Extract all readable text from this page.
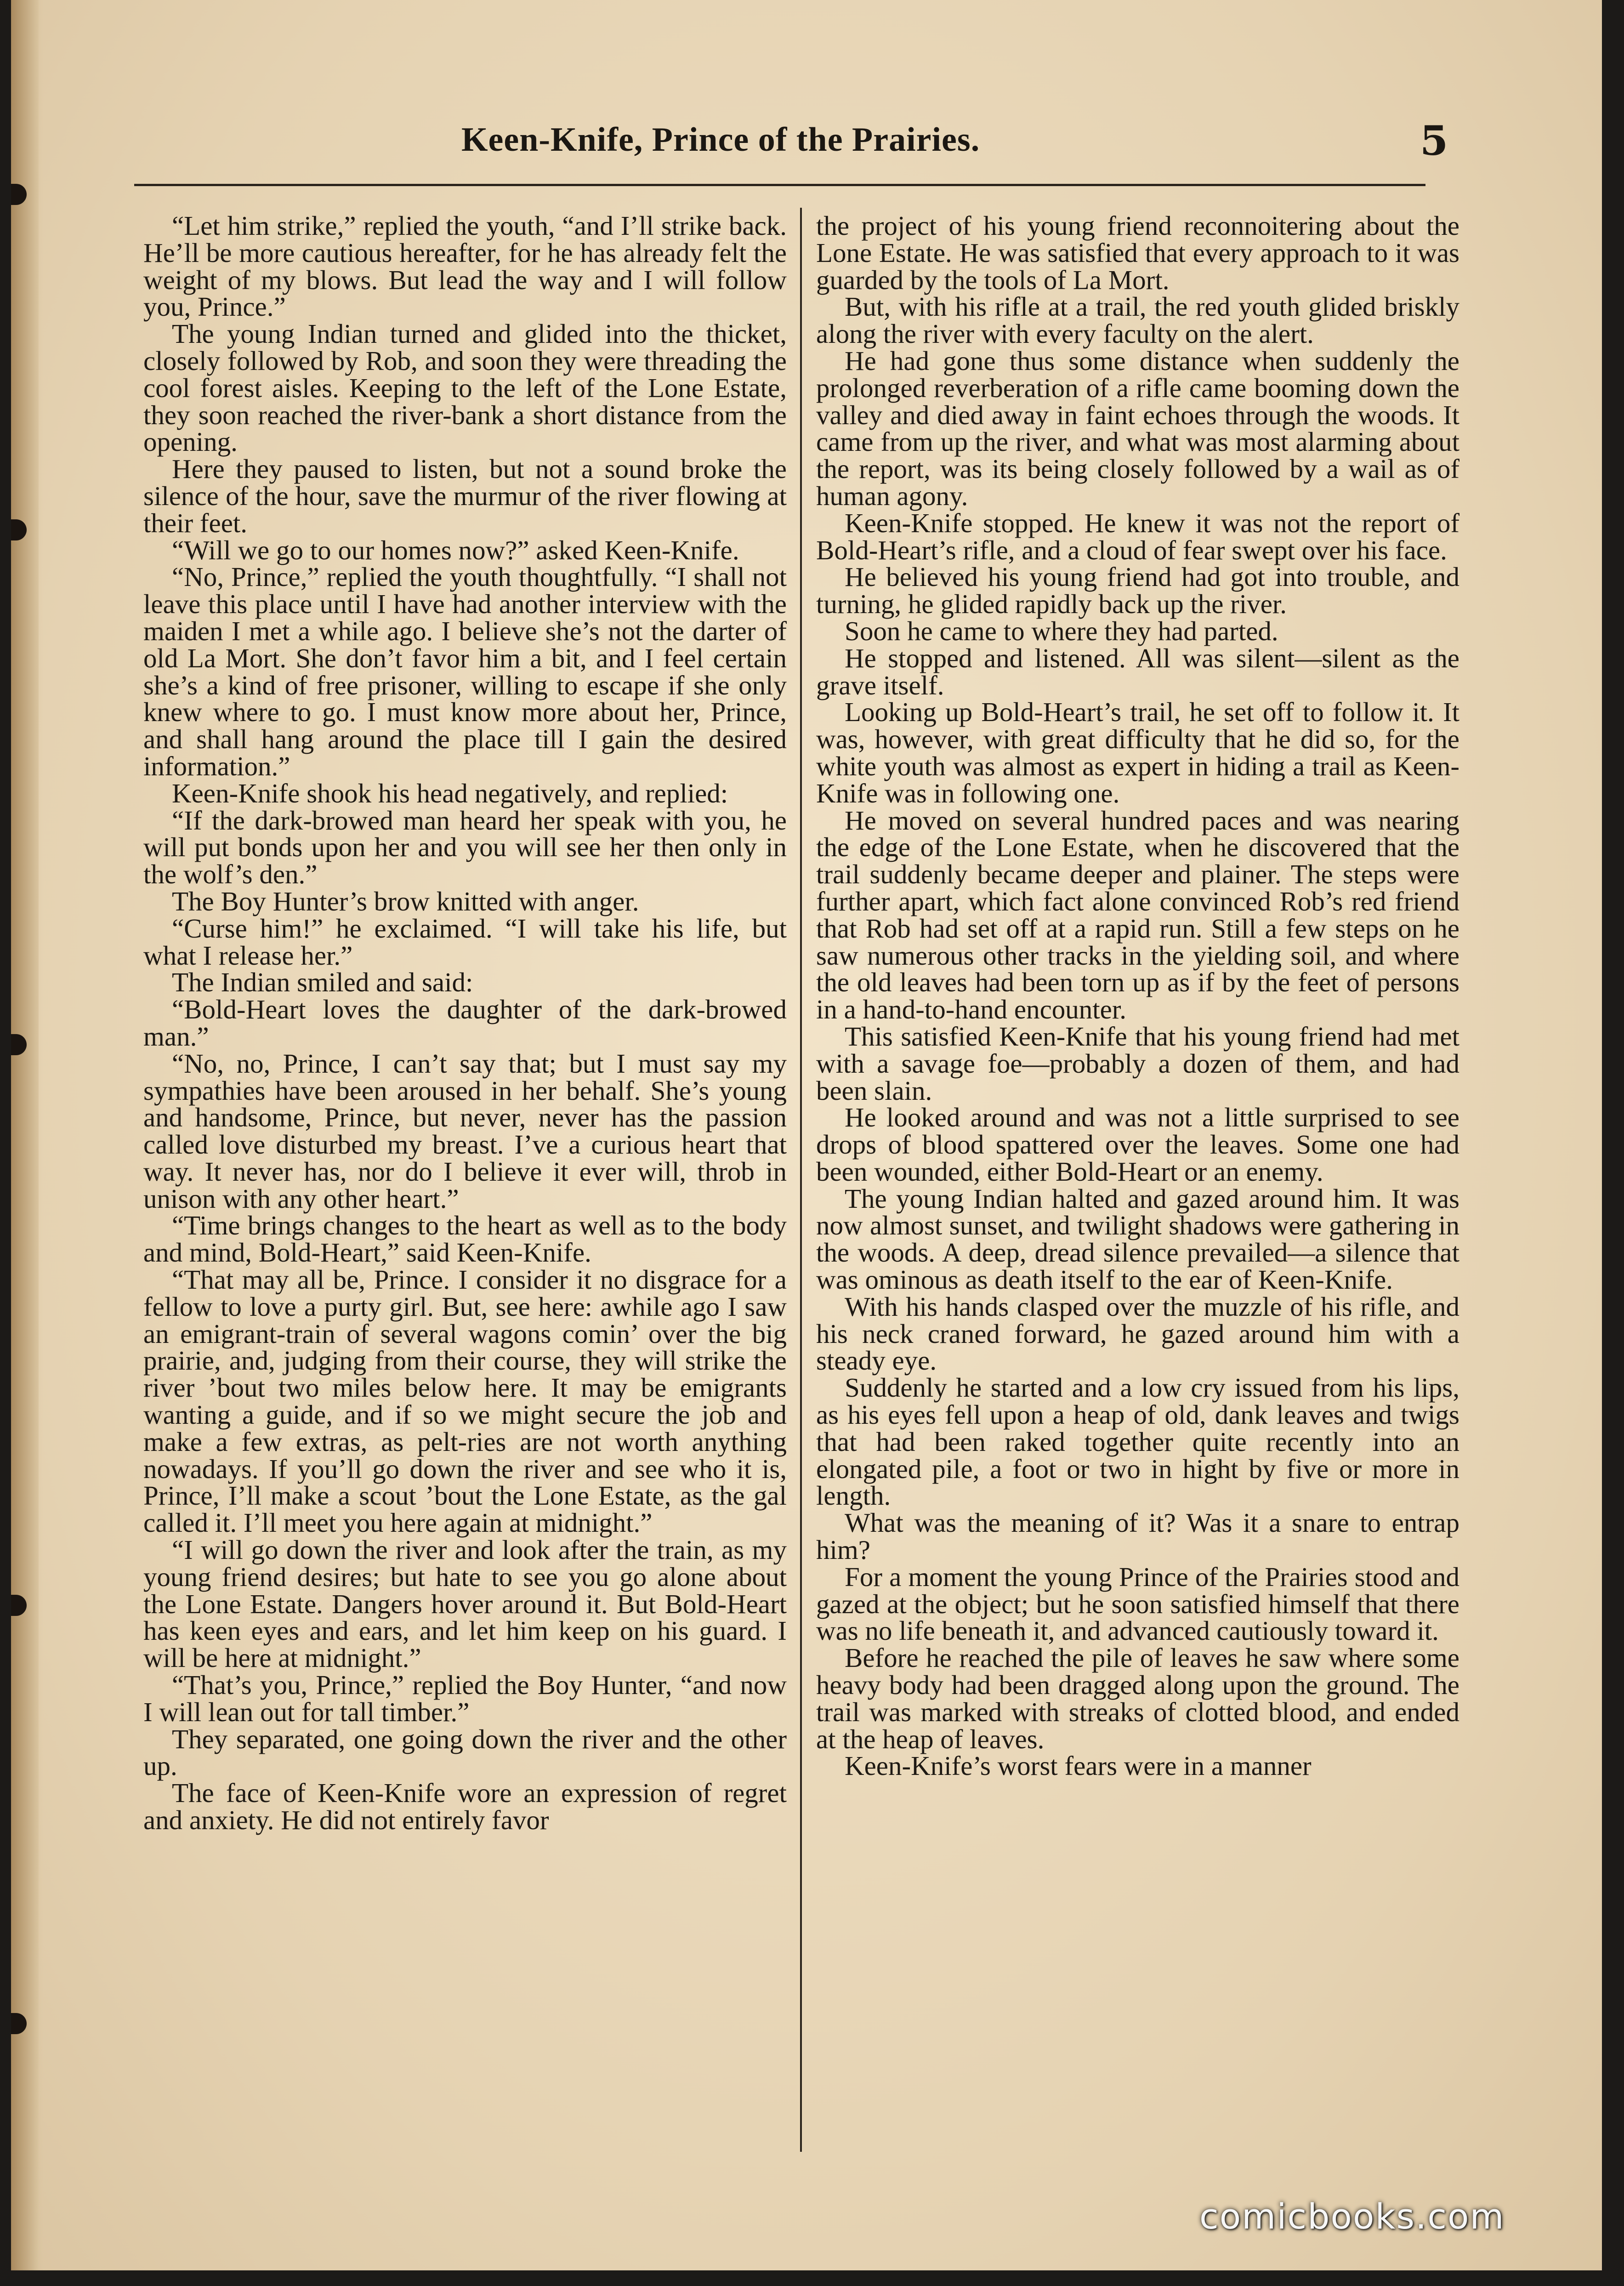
Keen-Knife, Prince of the Prairies.	5

“Let him strike,” replied the youth, “and I’ll strike back. He’ll be more cautious hereafter, for he has already felt the weight of my blows. But lead the way and I will follow you, Prince.”

The young Indian turned and glided into the thicket, closely followed by Rob, and soon they were threading the cool forest aisles. Keeping to the left of the Lone Estate, they soon reached the river-bank a short distance from the opening.

Here they paused to listen, but not a sound broke the silence of the hour, save the murmur of the river flowing at their feet.

“Will we go to our homes now?” asked Keen-Knife.

“No, Prince,” replied the youth thoughtfully. “I shall not leave this place until I have had another interview with the maiden I met a while ago. I believe she’s not the darter of old La Mort. She don’t favor him a bit, and I feel certain she’s a kind of free prisoner, willing to escape if she only knew where to go. I must know more about her, Prince, and shall hang around the place till I gain the desired information.”

Keen-Knife shook his head negatively, and replied:

“If the dark-browed man heard her speak with you, he will put bonds upon her and you will see her then only in the wolf’s den.”

The Boy Hunter’s brow knitted with anger.

“Curse him!” he exclaimed. “I will take his life, but what I release her.”

The Indian smiled and said:

“Bold-Heart loves the daughter of the dark-browed man.”

“No, no, Prince, I can’t say that; but I must say my sympathies have been aroused in her behalf. She’s young and handsome, Prince, but never, never has the passion called love disturbed my breast. I’ve a curious heart that way. It never has, nor do I believe it ever will, throb in unison with any other heart.”

“Time brings changes to the heart as well as to the body and mind, Bold-Heart,” said Keen-Knife.

“That may all be, Prince. I consider it no disgrace for a fellow to love a purty girl. But, see here: awhile ago I saw an emigrant-train of several wagons comin’ over the big prairie, and, judging from their course, they will strike the river ’bout two miles below here. It may be emigrants wanting a guide, and if so we might secure the job and make a few extras, as pelt-ries are not worth anything nowadays. If you’ll go down the river and see who it is, Prince, I’ll make a scout ’bout the Lone Estate, as the gal called it. I’ll meet you here again at midnight.”

“I will go down the river and look after the train, as my young friend desires; but hate to see you go alone about the Lone Estate. Dangers hover around it. But Bold-Heart has keen eyes and ears, and let him keep on his guard. I will be here at midnight.”

“That’s you, Prince,” replied the Boy Hunter, “and now I will lean out for tall timber.”

They separated, one going down the river and the other up.

The face of Keen-Knife wore an expression of regret and anxiety. He did not entirely favor

the project of his young friend reconnoitering about the Lone Estate. He was satisfied that every approach to it was guarded by the tools of La Mort.

But, with his rifle at a trail, the red youth glided briskly along the river with every faculty on the alert.

He had gone thus some distance when suddenly the prolonged reverberation of a rifle came booming down the valley and died away in faint echoes through the woods. It came from up the river, and what was most alarming about the report, was its being closely followed by a wail as of human agony.

Keen-Knife stopped. He knew it was not the report of Bold-Heart’s rifle, and a cloud of fear swept over his face.

He believed his young friend had got into trouble, and turning, he glided rapidly back up the river.

Soon he came to where they had parted.

He stopped and listened. All was silent—silent as the grave itself.

Looking up Bold-Heart’s trail, he set off to follow it. It was, however, with great difficulty that he did so, for the white youth was almost as expert in hiding a trail as Keen-Knife was in following one.

He moved on several hundred paces and was nearing the edge of the Lone Estate, when he discovered that the trail suddenly became deeper and plainer. The steps were further apart, which fact alone convinced Rob’s red friend that Rob had set off at a rapid run. Still a few steps on he saw numerous other tracks in the yielding soil, and where the old leaves had been torn up as if by the feet of persons in a hand-to-hand encounter.

This satisfied Keen-Knife that his young friend had met with a savage foe—probably a dozen of them, and had been slain.

He looked around and was not a little surprised to see drops of blood spattered over the leaves. Some one had been wounded, either Bold-Heart or an enemy.

The young Indian halted and gazed around him. It was now almost sunset, and twilight shadows were gathering in the woods. A deep, dread silence prevailed—a silence that was ominous as death itself to the ear of Keen-Knife.

With his hands clasped over the muzzle of his rifle, and his neck craned forward, he gazed around him with a steady eye.

Suddenly he started and a low cry issued from his lips, as his eyes fell upon a heap of old, dank leaves and twigs that had been raked together quite recently into an elongated pile, a foot or two in hight by five or more in length.

What was the meaning of it? Was it a snare to entrap him?

For a moment the young Prince of the Prairies stood and gazed at the object; but he soon satisfied himself that there was no life beneath it, and advanced cautiously toward it.

Before he reached the pile of leaves he saw where some heavy body had been dragged along upon the ground. The trail was marked with streaks of clotted blood, and ended at the heap of leaves.

Keen-Knife’s worst fears were in a manner

comicbooks.com
